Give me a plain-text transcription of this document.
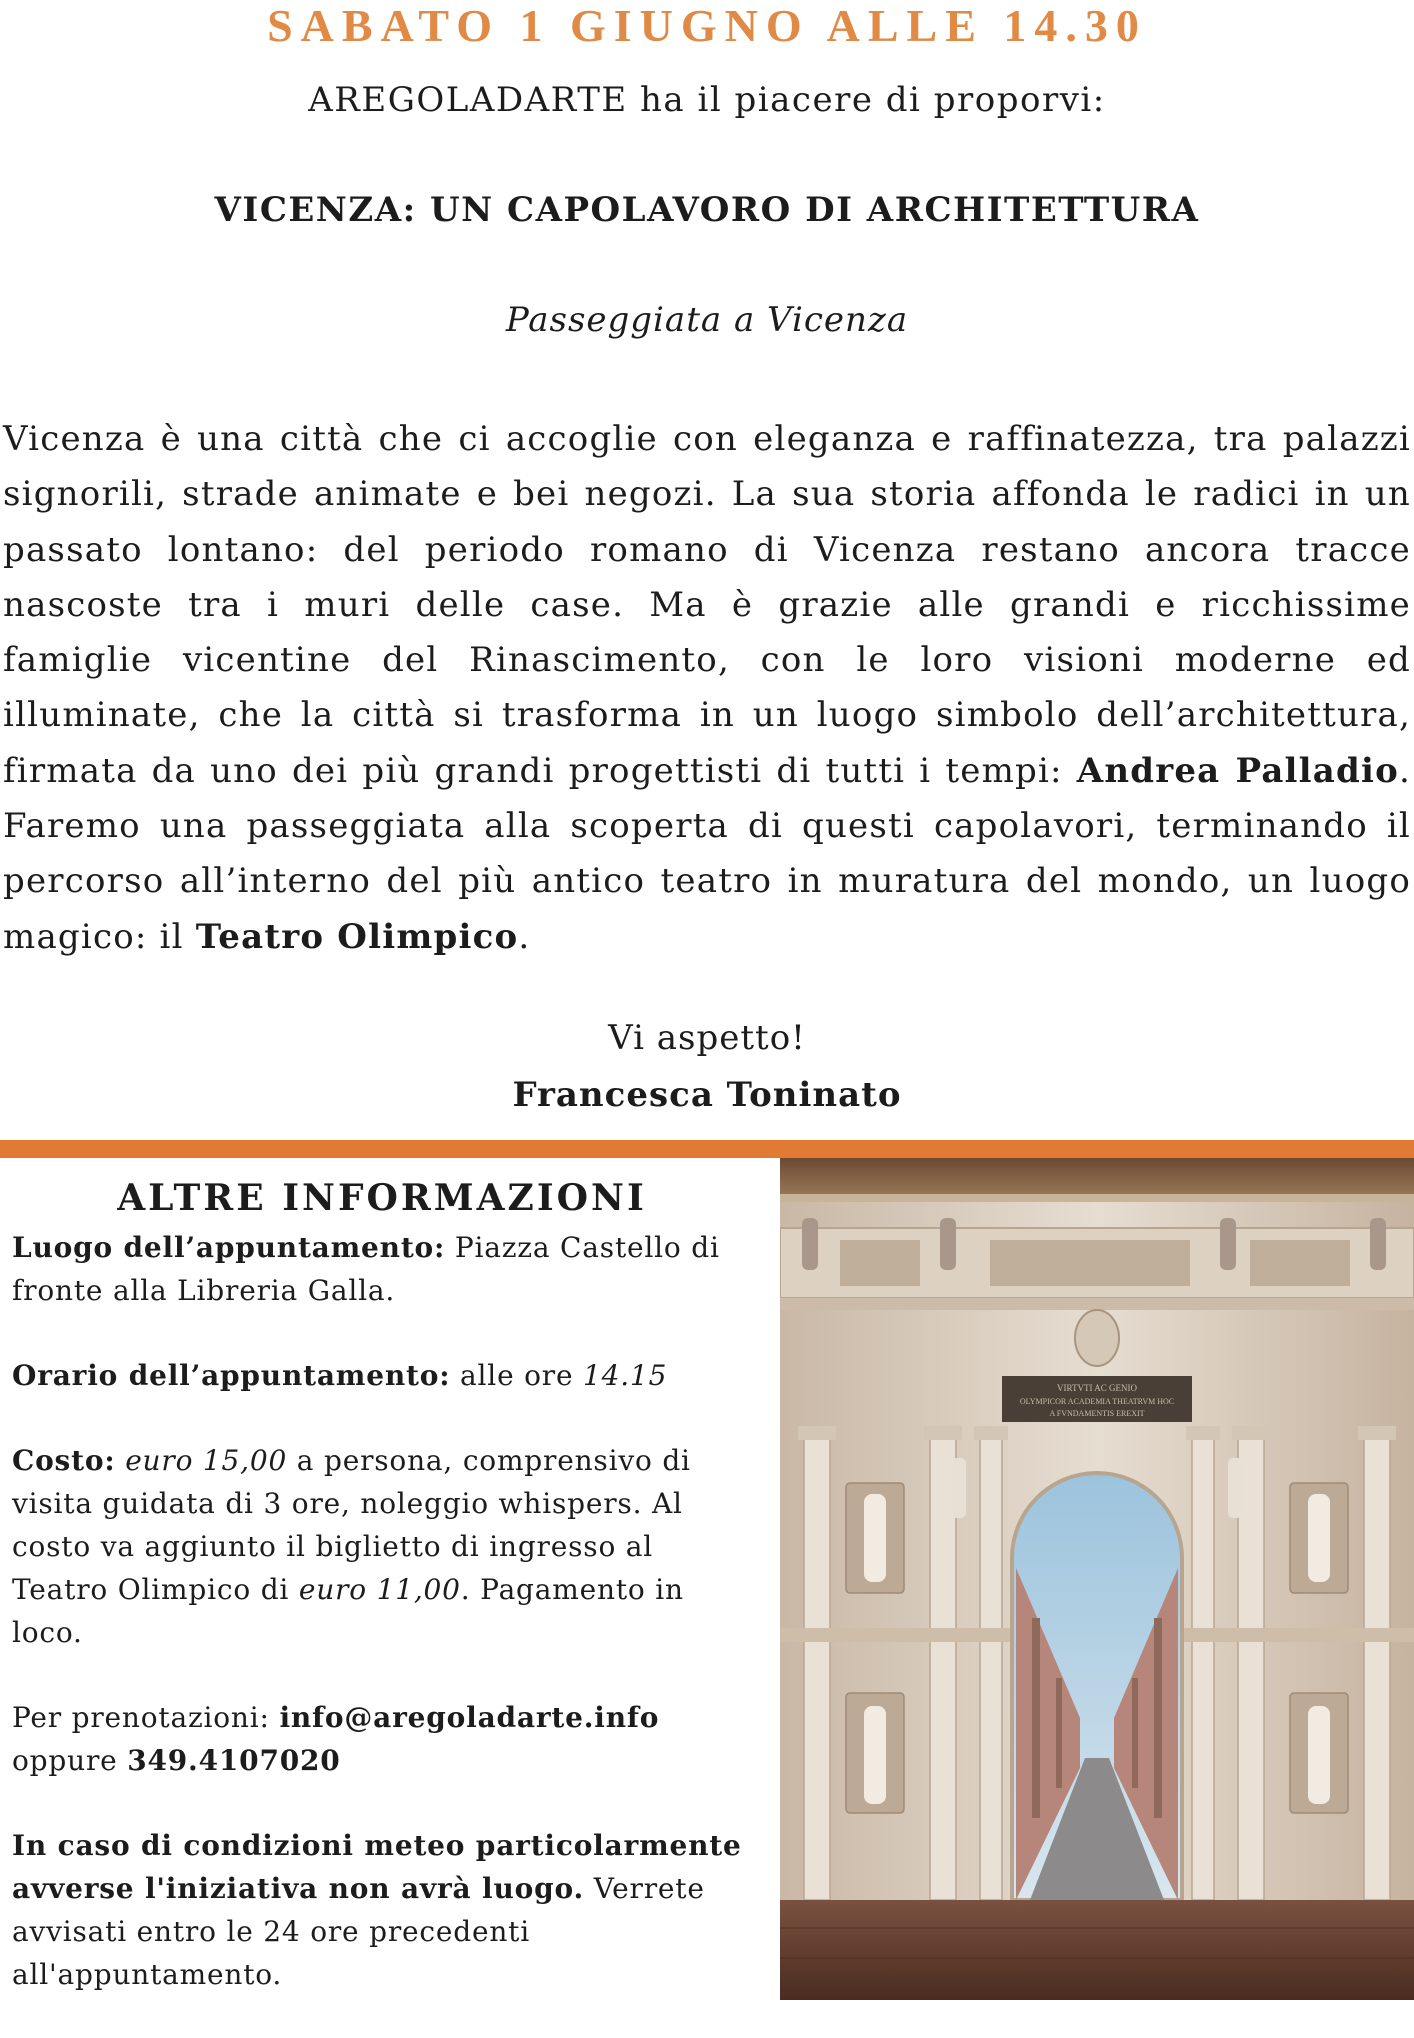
SABATO 1 GIUGNO ALLE 14.30
AREGOLADARTE ha il piacere di proporvi:
VICENZA: UN CAPOLAVORO DI ARCHITETTURA
Passeggiata a Vicenza
Vicenza è una città che ci accoglie con eleganza e raffinatezza, tra palazzi signorili, strade animate e bei negozi. La sua storia affonda le radici in un passato lontano: del periodo romano di Vicenza restano ancora tracce nascoste tra i muri delle case. Ma è grazie alle grandi e ricchissime famiglie vicentine del Rinascimento, con le loro visioni moderne ed illuminate, che la città si trasforma in un luogo simbolo dell’architettura, firmata da uno dei più grandi progettisti di tutti i tempi: Andrea Palladio. Faremo una passeggiata alla scoperta di questi capolavori, terminando il percorso all’interno del più antico teatro in muratura del mondo, un luogo magico: il Teatro Olimpico.
Vi aspetto!
Francesca Toninato
ALTRE INFORMAZIONI

Luogo dell’appuntamento: Piazza Castello di fronte alla Libreria Galla.

Orario dell’appuntamento: alle ore 14.15

Costo: euro 15,00 a persona, comprensivo di visita guidata di 3 ore, noleggio whispers. Al costo va aggiunto il biglietto di ingresso al Teatro Olimpico di euro 11,00. Pagamento in loco.

Per prenotazioni: info@aregoladarte.info
oppure 349.4107020

In caso di condizioni meteo particolarmente avverse l'iniziativa non avrà luogo. Verrete avvisati entro le 24 ore precedenti all'appuntamento.

VIRTVTI AC GENIO
OLYMPICOR ACADEMIA THEATRVM HOC
A FVNDAMENTIS EREXIT
